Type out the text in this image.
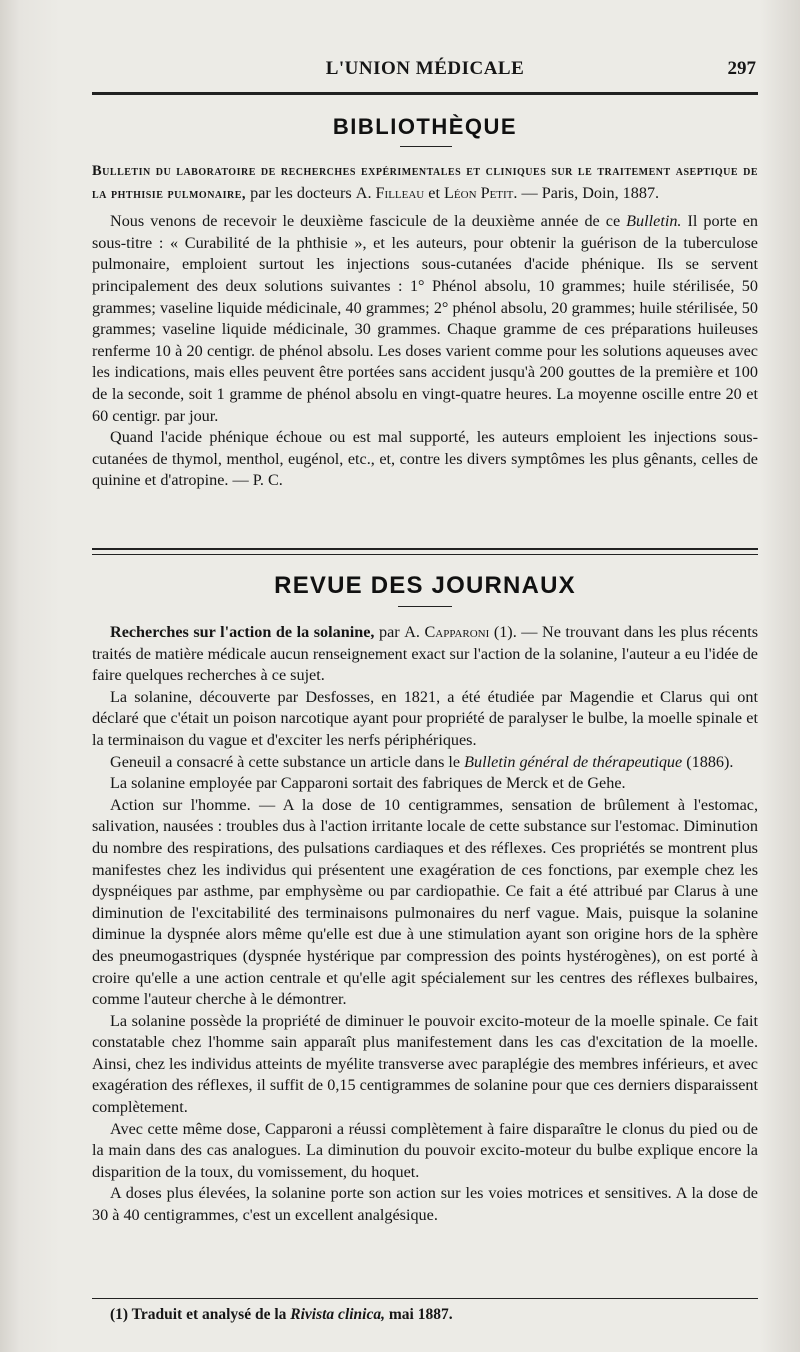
L'UNION MÉDICALE	297
BIBLIOTHÈQUE

Bulletin du laboratoire de recherches expérimentales et cliniques sur le traitement aseptique de la phthisie pulmonaire, par les docteurs A. Filleau et Léon Petit. — Paris, Doin, 1887.

Nous venons de recevoir le deuxième fascicule de la deuxième année de ce Bulletin. Il porte en sous-titre : « Curabilité de la phthisie », et les auteurs, pour obtenir la guérison de la tuberculose pulmonaire, emploient surtout les injections sous-cutanées d'acide phénique. Ils se servent principalement des deux solutions suivantes : 1° Phénol absolu, 10 grammes; huile stérilisée, 50 grammes; vaseline liquide médicinale, 40 grammes; 2° phénol absolu, 20 grammes; huile stérilisée, 50 grammes; vaseline liquide médicinale, 30 grammes. Chaque gramme de ces préparations huileuses renferme 10 à 20 centigr. de phénol absolu. Les doses varient comme pour les solutions aqueuses avec les indications, mais elles peuvent être portées sans accident jusqu'à 200 gouttes de la première et 100 de la seconde, soit 1 gramme de phénol absolu en vingt-quatre heures. La moyenne oscille entre 20 et 60 centigr. par jour.

Quand l'acide phénique échoue ou est mal supporté, les auteurs emploient les injections sous-cutanées de thymol, menthol, eugénol, etc., et, contre les divers symptômes les plus gênants, celles de quinine et d'atropine. — P. C.

REVUE DES JOURNAUX

Recherches sur l'action de la solanine, par A. Capparoni (1). — Ne trouvant dans les plus récents traités de matière médicale aucun renseignement exact sur l'action de la solanine, l'auteur a eu l'idée de faire quelques recherches à ce sujet.

La solanine, découverte par Desfosses, en 1821, a été étudiée par Magendie et Clarus qui ont déclaré que c'était un poison narcotique ayant pour propriété de paralyser le bulbe, la moelle spinale et la terminaison du vague et d'exciter les nerfs périphériques.

Geneuil a consacré à cette substance un article dans le Bulletin général de thérapeutique (1886).

La solanine employée par Capparoni sortait des fabriques de Merck et de Gehe.

Action sur l'homme. — A la dose de 10 centigrammes, sensation de brûlement à l'estomac, salivation, nausées : troubles dus à l'action irritante locale de cette substance sur l'estomac. Diminution du nombre des respirations, des pulsations cardiaques et des réflexes. Ces propriétés se montrent plus manifestes chez les individus qui présentent une exagération de ces fonctions, par exemple chez les dyspnéiques par asthme, par emphysème ou par cardiopathie. Ce fait a été attribué par Clarus à une diminution de l'excitabilité des terminaisons pulmonaires du nerf vague. Mais, puisque la solanine diminue la dyspnée alors même qu'elle est due à une stimulation ayant son origine hors de la sphère des pneumogastriques (dyspnée hystérique par compression des points hystérogènes), on est porté à croire qu'elle a une action centrale et qu'elle agit spécialement sur les centres des réflexes bulbaires, comme l'auteur cherche à le démontrer.

La solanine possède la propriété de diminuer le pouvoir excito-moteur de la moelle spinale. Ce fait constatable chez l'homme sain apparaît plus manifestement dans les cas d'excitation de la moelle. Ainsi, chez les individus atteints de myélite transverse avec paraplégie des membres inférieurs, et avec exagération des réflexes, il suffit de 0,15 centigrammes de solanine pour que ces derniers disparaissent complètement.

Avec cette même dose, Capparoni a réussi complètement à faire disparaître le clonus du pied ou de la main dans des cas analogues. La diminution du pouvoir excito-moteur du bulbe explique encore la disparition de la toux, du vomissement, du hoquet.

A doses plus élevées, la solanine porte son action sur les voies motrices et sensitives. A la dose de 30 à 40 centigrammes, c'est un excellent analgésique.

(1) Traduit et analysé de la Rivista clinica, mai 1887.
